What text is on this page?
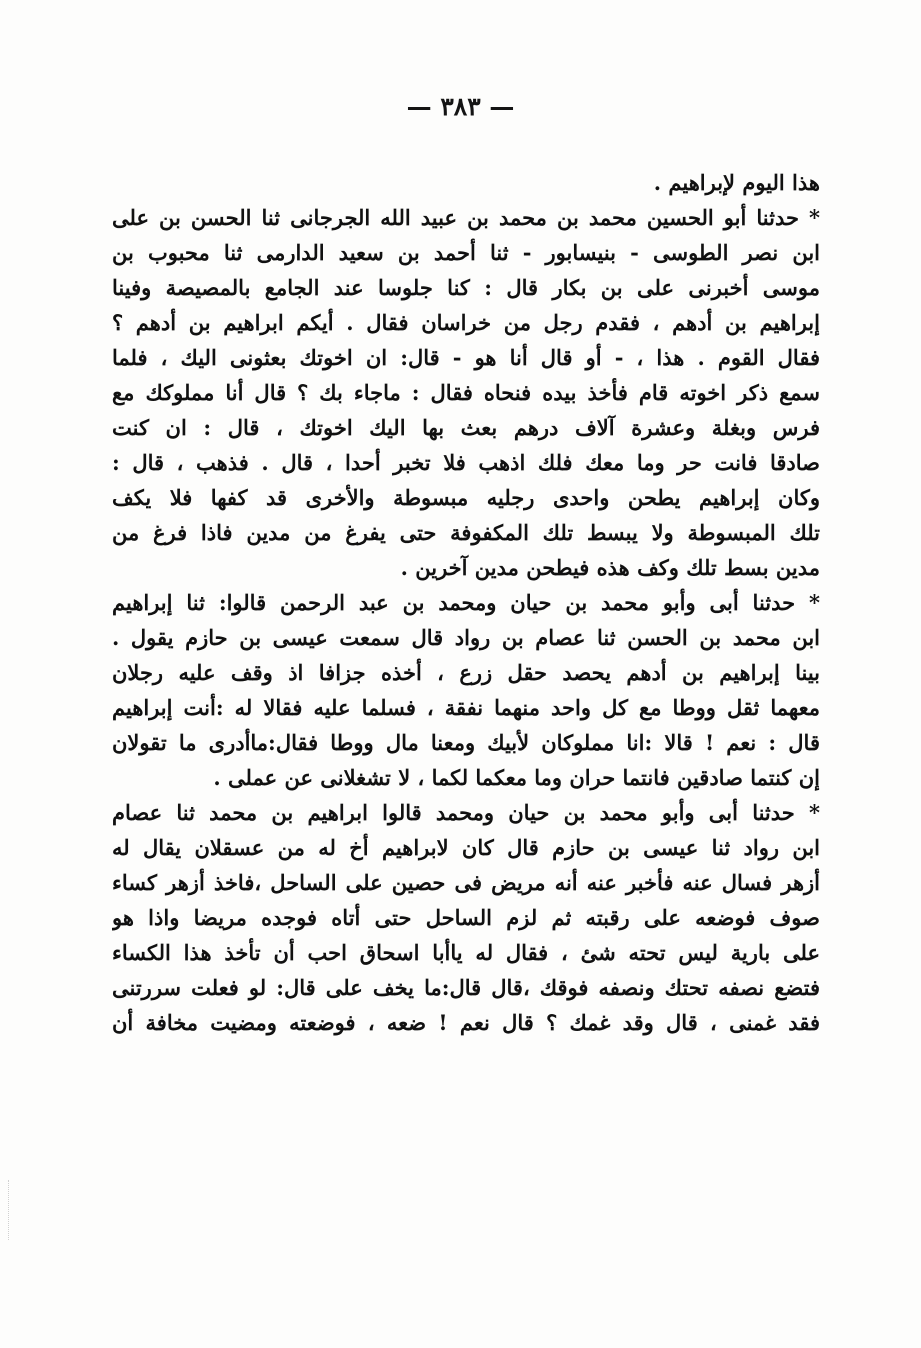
— ٣٨٣ —
هذا اليوم لإبراهيم .
* حدثنا أبو الحسين محمد بن محمد بن عبيد الله الجرجانى ثنا الحسن بن على
ابن نصر الطوسى - بنيسابور - ثنا أحمد بن سعيد الدارمى ثنا محبوب بن
موسى أخبرنى على بن بكار قال : كنا جلوسا عند الجامع بالمصيصة وفينا
إبراهيم بن أدهم ، فقدم رجل من خراسان فقال . أيكم ابراهيم بن أدهم ؟
فقال القوم . هذا ، - أو قال أنا هو - قال: ان اخوتك بعثونى اليك ، فلما
سمع ذكر اخوته قام فأخذ بيده فنحاه فقال : ماجاء بك ؟ قال أنا مملوكك مع
فرس وبغلة وعشرة آلاف درهم بعث بها اليك اخوتك ، قال : ان كنت
صادقا فانت حر وما معك فلك اذهب فلا تخبر أحدا ، قال . فذهب ، قال :
وكان إبراهيم يطحن واحدى رجليه مبسوطة والأخرى قد كفها فلا يكف
تلك المبسوطة ولا يبسط تلك المكفوفة حتى يفرغ من مدين فاذا فرغ من
مدين بسط تلك وكف هذه فيطحن مدين آخرين .
* حدثنا أبى وأبو محمد بن حيان ومحمد بن عبد الرحمن قالوا: ثنا إبراهيم
ابن محمد بن الحسن ثنا عصام بن رواد قال سمعت عيسى بن حازم يقول .
بينا إبراهيم بن أدهم يحصد حقل زرع ، أخذه جزافا اذ وقف عليه رجلان
معهما ثقل ووطا مع كل واحد منهما نفقة ، فسلما عليه فقالا له :أنت إبراهيم
قال : نعم ! قالا :انا مملوكان لأبيك ومعنا مال ووطا فقال:ماأدرى ما تقولان
إن كنتما صادقين فانتما حران وما معكما لكما ، لا تشغلانى عن عملى .
* حدثنا أبى وأبو محمد بن حيان ومحمد قالوا ابراهيم بن محمد ثنا عصام
ابن رواد ثنا عيسى بن حازم قال كان لابراهيم أخ له من عسقلان يقال له
أزهر فسال عنه فأخبر عنه أنه مريض فى حصين على الساحل ،فاخذ أزهر كساء
صوف فوضعه على رقبته ثم لزم الساحل حتى أتاه فوجده مريضا واذا هو
على بارية ليس تحته شئ ، فقال له ياأبا اسحاق احب أن تأخذ هذا الكساء
فتضع نصفه تحتك ونصفه فوقك ،قال قال:ما يخف على قال: لو فعلت سررتنى
فقد غمنى ، قال وقد غمك ؟ قال نعم ! ضعه ، فوضعته ومضيت مخافة أن
